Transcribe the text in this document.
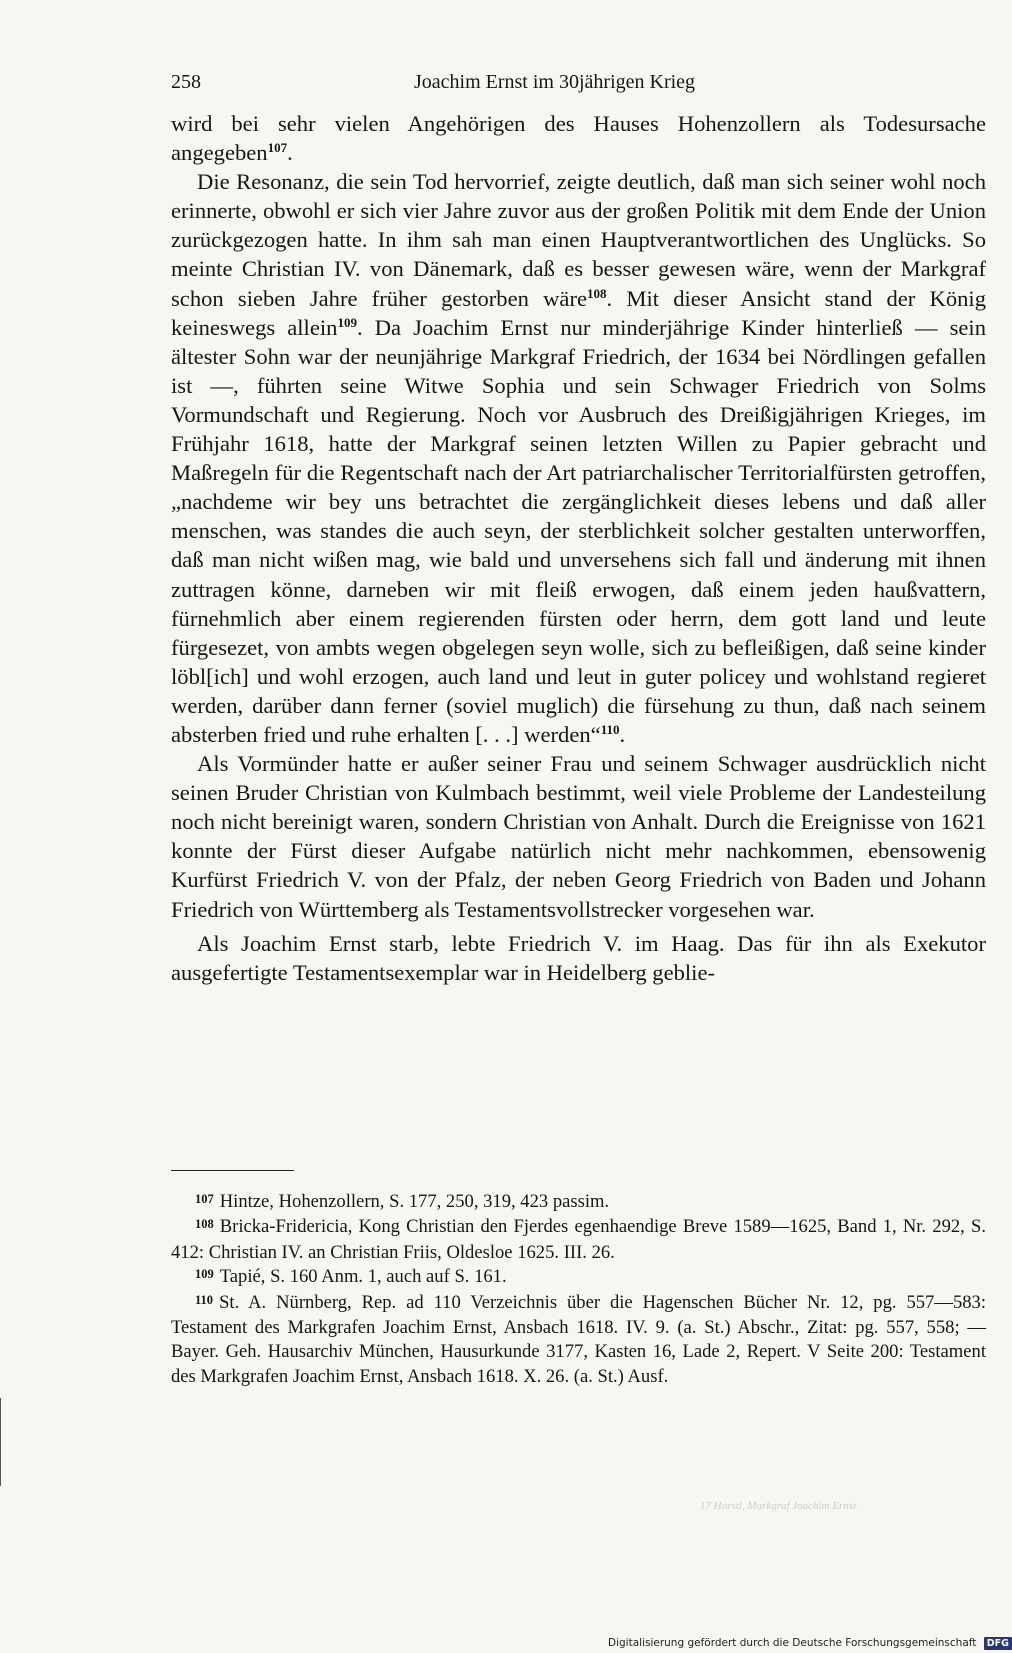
258	Joachim Ernst im 30jährigen Krieg

wird bei sehr vielen Angehörigen des Hauses Hohenzollern als Todesursache angegeben$^{107}$.

Die Resonanz, die sein Tod hervorrief, zeigte deutlich, daß man sich seiner wohl noch erinnerte, obwohl er sich vier Jahre zuvor aus der großen Politik mit dem Ende der Union zurückgezogen hatte. In ihm sah man einen Hauptverantwortlichen des Unglücks. So meinte Christian IV. von Dänemark, daß es besser gewesen wäre, wenn der Markgraf schon sieben Jahre früher gestorben wäre$^{108}$. Mit dieser Ansicht stand der König keineswegs allein$^{109}$. Da Joachim Ernst nur minderjährige Kinder hinterließ — sein ältester Sohn war der neunjährige Markgraf Friedrich, der 1634 bei Nördlingen gefallen ist —, führten seine Witwe Sophia und sein Schwager Friedrich von Solms Vormundschaft und Regierung. Noch vor Ausbruch des Dreißigjährigen Krieges, im Frühjahr 1618, hatte der Markgraf seinen letzten Willen zu Papier gebracht und Maßregeln für die Regentschaft nach der Art patriarchalischer Territorialfürsten getroffen, „nachdeme wir bey uns betrachtet die zergänglichkeit dieses lebens und daß aller menschen, was standes die auch seyn, der sterblichkeit solcher gestalten unterworffen, daß man nicht wißen mag, wie bald und unversehens sich fall und änderung mit ihnen zuttragen könne, darneben wir mit fleiß erwogen, daß einem jeden haußvattern, fürnehmlich aber einem regierenden fürsten oder herrn, dem gott land und leute fürgesezet, von ambts wegen obgelegen seyn wolle, sich zu befleißigen, daß seine kinder löbl[ich] und wohl erzogen, auch land und leut in guter policey und wohlstand regieret werden, darüber dann ferner (soviel muglich) die fürsehung zu thun, daß nach seinem absterben fried und ruhe erhalten [. . .] werden“$^{110}$.

Als Vormünder hatte er außer seiner Frau und seinem Schwager ausdrücklich nicht seinen Bruder Christian von Kulmbach bestimmt, weil viele Probleme der Landesteilung noch nicht bereinigt waren, sondern Christian von Anhalt. Durch die Ereignisse von 1621 konnte der Fürst dieser Aufgabe natürlich nicht mehr nachkommen, ebensowenig Kurfürst Friedrich V. von der Pfalz, der neben Georg Friedrich von Baden und Johann Friedrich von Württemberg als Testamentsvollstrecker vorgesehen war.

Als Joachim Ernst starb, lebte Friedrich V. im Haag. Das für ihn als Exekutor ausgefertigte Testamentsexemplar war in Heidelberg geblie-

$^{107}$ Hintze, Hohenzollern, S. 177, 250, 319, 423 passim.

$^{108}$ Bricka-Fridericia, Kong Christian den Fjerdes egenhaendige Breve 1589—1625, Band 1, Nr. 292, S. 412: Christian IV. an Christian Friis, Oldesloe 1625. III. 26.

$^{109}$ Tapié, S. 160 Anm. 1, auch auf S. 161.

$^{110}$ St. A. Nürnberg, Rep. ad 110 Verzeichnis über die Hagenschen Bücher Nr. 12, pg. 557—583: Testament des Markgrafen Joachim Ernst, Ansbach 1618. IV. 9. (a. St.) Abschr., Zitat: pg. 557, 558; — Bayer. Geh. Hausarchiv München, Hausurkunde 3177, Kasten 16, Lade 2, Repert. V Seite 200: Testament des Markgrafen Joachim Ernst, Ansbach 1618. X. 26. (a. St.) Ausf.

17 Horstl, Markgraf Joachim Ernst
Digitalisierung gefördert durch die Deutsche Forschungsgemeinschaft DFG
